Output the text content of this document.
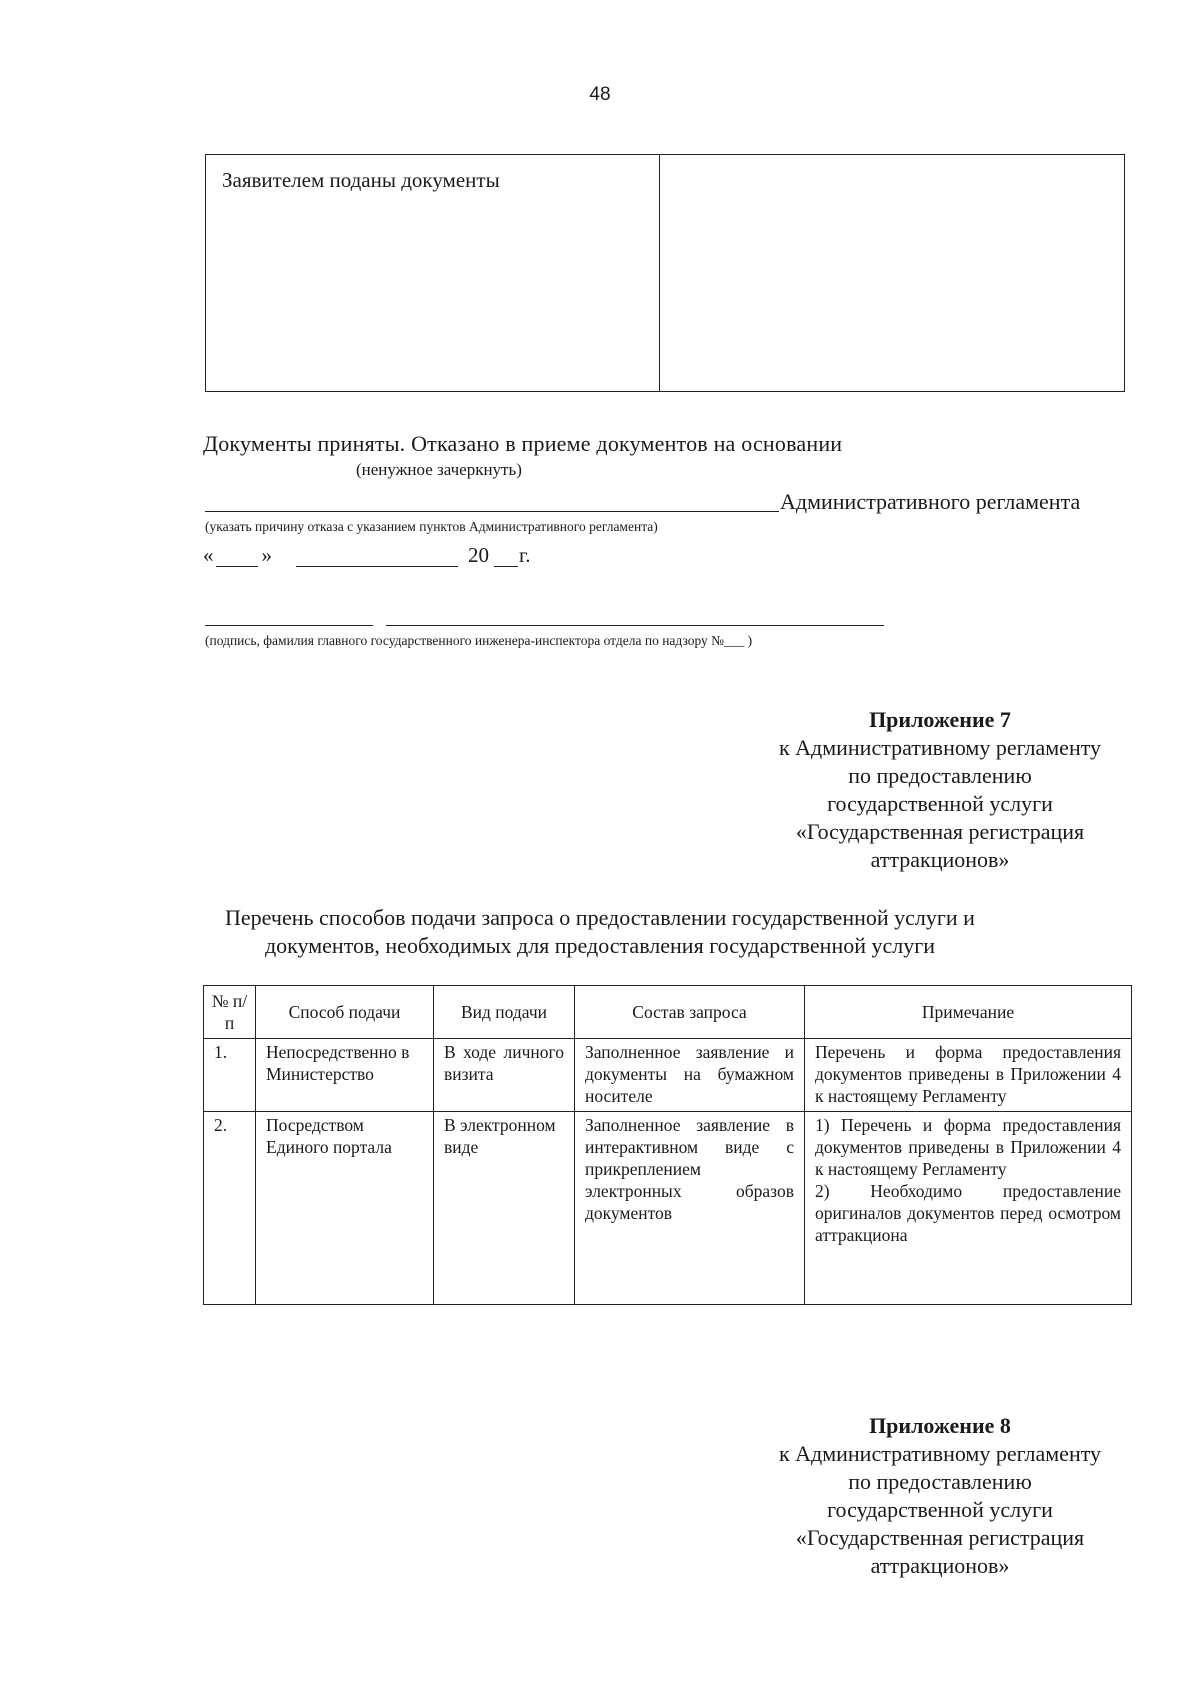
48
Заявителем поданы документы
Документы приняты. Отказано в приеме документов на основании
(ненужное зачеркнуть)
Административного регламента
(указать причину отказа с указанием пунктов Административного регламента)
« »	20 г.
(подпись, фамилия главного государственного инженера-инспектора отдела по надзору №___ )
Приложение 7
к Административному регламенту
по предоставлению
государственной услуги
«Государственная регистрация
аттракционов»
Перечень способов подачи запроса о предоставлении государственной услуги и
документов, необходимых для предоставления государственной услуги
№ п/п	Способ подачи	Вид подачи	Состав запроса	Примечание
1.	Непосредственно в Министерство	В ходе личного визита	Заполненное заявление и документы на бумажном носителе	Перечень и форма предоставления документов приведены в Приложении 4 к настоящему Регламенту

2.	Посредством Единого портала	В электронном виде	Заполненное заявление в интерактивном виде с прикреплением электронных образов документов	1) Перечень и форма предоставления документов приведены в Приложении 4 к настоящему Регламенту
2) Необходимо предоставление оригиналов документов перед осмотром аттракциона
Приложение 8
к Административному регламенту
по предоставлению
государственной услуги
«Государственная регистрация
аттракционов»
